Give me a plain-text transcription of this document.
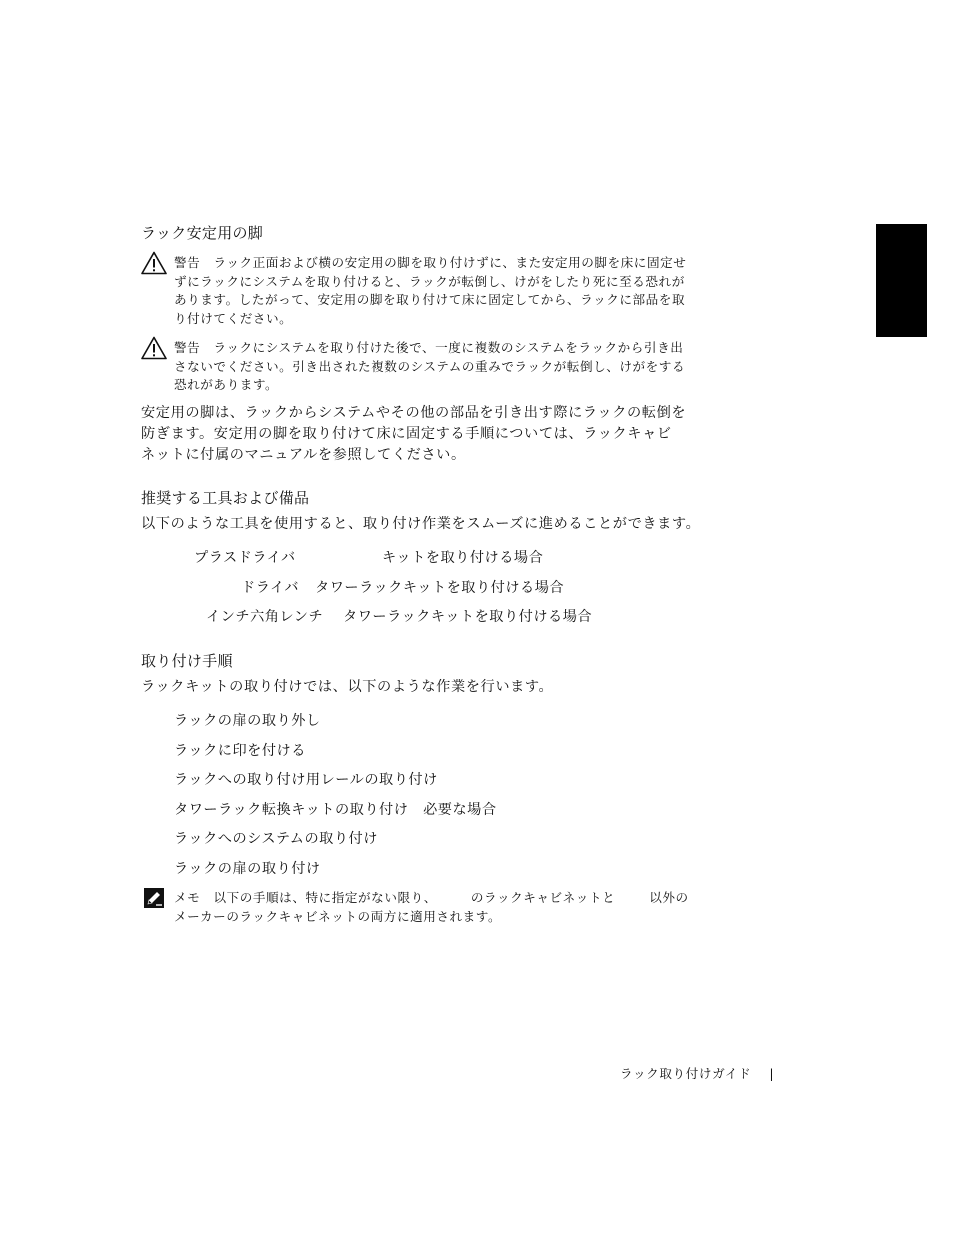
ラック安定用の脚
警告　 ラック正面および横の安定用の脚を取り付けずに、また安定用の脚を床に固定せ
ずにラックにシステムを取り付けると、ラックが転倒し、けがをしたり死に至る恐れが
あります。したがって、安定用の脚を取り付けて床に固定してから、ラックに部品を取
り付けてください。
警告　 ラックにシステムを取り付けた後で、一度に複数のシステムをラックから引き出
さないでください。引き出された複数のシステムの重みでラックが転倒し、けがをする
恐れがあります。
安定用の脚は、ラックからシステムやその他の部品を引き出す際にラックの転倒を
防ぎます。安定用の脚を取り付けて床に固定する手順については、ラックキャビ
ネットに付属のマニュアルを参照してください。
推奨する工具および備品
以下のような工具を使用すると、取り付け作業をスムーズに進めることができます。
プラスドライバ	キットを取り付ける場合
ドライバ タワーラックキットを取り付ける場合
インチ六角レンチ タワーラックキットを取り付ける場合
取り付け手順
ラックキットの取り付けでは、以下のような作業を行います。
ラックの扉の取り外し
ラックに印を付ける
ラックへの取り付け用レールの取り付け
タワーラック転換キットの取り付け　必要な場合
ラックへのシステムの取り付け
ラックの扉の取り付け
メモ　 以下の手順は、特に指定がない限り、	のラックキャビネットと	以外の
メーカーのラックキャビネットの両方に適用されます。
ラック取り付けガイド |
